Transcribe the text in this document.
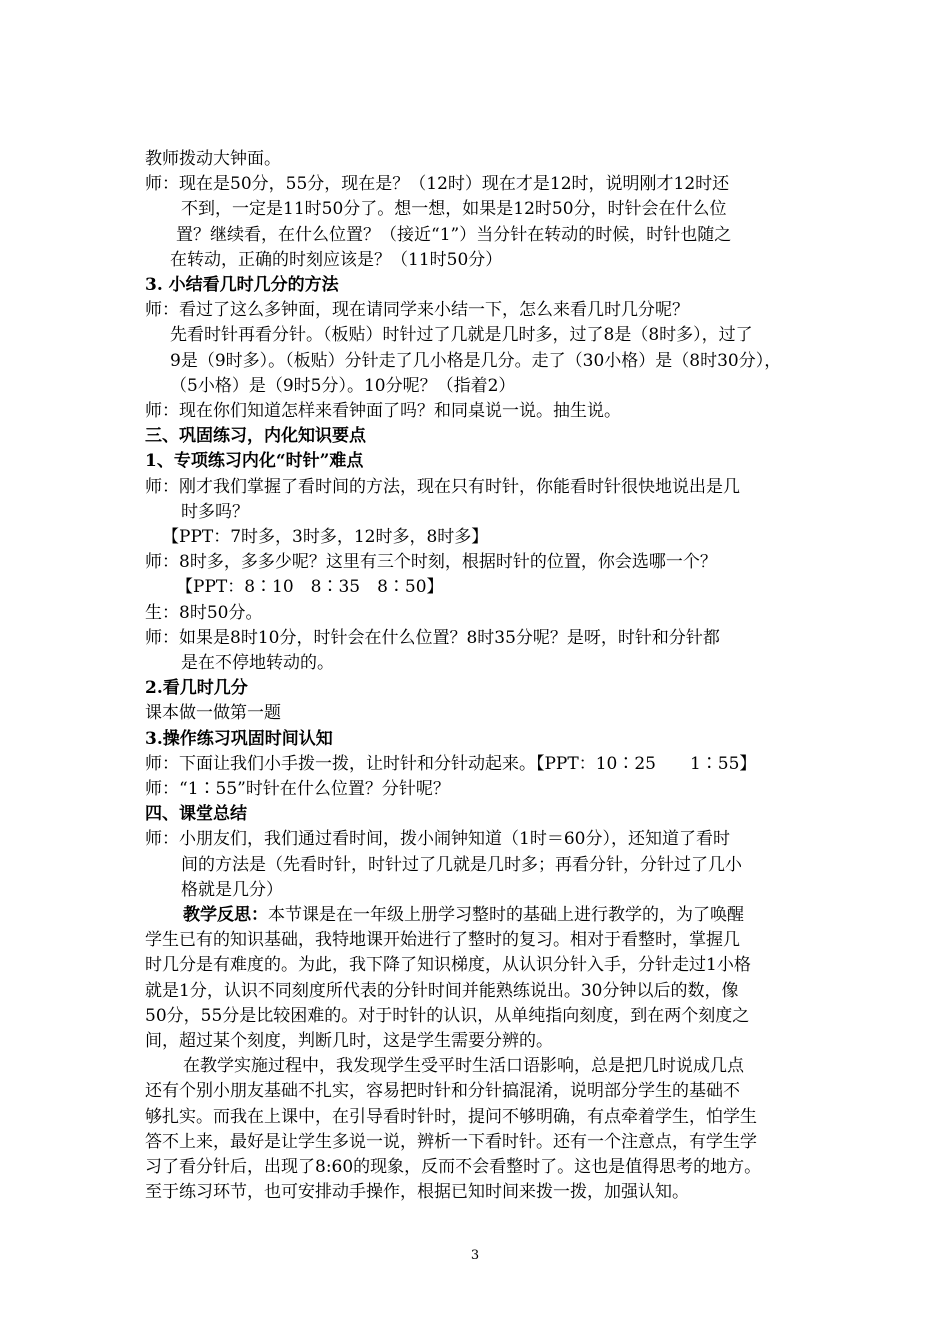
教师拨动大钟面。
师：现在是50分，55分，现在是？（12时）现在才是12时，说明刚才12时还
不到，一定是11时50分了。想一想，如果是12时50分，时针会在什么位
置？继续看，在什么位置？（接近“1”）当分针在转动的时候，时针也随之
在转动，正确的时刻应该是？（11时50分）
3. 小结看几时几分的方法
师：看过了这么多钟面，现在请同学来小结一下，怎么来看几时几分呢？
先看时针再看分针。（板贴）时针过了几就是几时多，过了8是（8时多），过了
9是（9时多）。（板贴）分针走了几小格是几分。走了（30小格）是（8时30分），
（5小格）是（9时5分）。10分呢？（指着2）
师：现在你们知道怎样来看钟面了吗？和同桌说一说。抽生说。
三、巩固练习，内化知识要点
1、专项练习内化“时针”难点
师：刚才我们掌握了看时间的方法，现在只有时针，你能看时针很快地说出是几
时多吗？
【PPT：7时多，3时多，12时多，8时多】
师：8时多，多多少呢？这里有三个时刻，根据时针的位置，你会选哪一个？
【PPT：8∶10　8∶35　8∶50】
生：8时50分。
师：如果是8时10分，时针会在什么位置？8时35分呢？是呀，时针和分针都
是在不停地转动的。
2.看几时几分
课本做一做第一题
3.操作练习巩固时间认知
师：下面让我们小手拨一拨，让时针和分针动起来。【PPT：10∶25　　1∶55】
师：“1∶55”时针在什么位置？分针呢？
四、课堂总结
师：小朋友们，我们通过看时间，拨小闹钟知道（1时＝60分），还知道了看时
间的方法是（先看时针，时针过了几就是几时多；再看分针，分针过了几小
格就是几分）
教学反思：本节课是在一年级上册学习整时的基础上进行教学的，为了唤醒
学生已有的知识基础，我特地课开始进行了整时的复习。相对于看整时，掌握几
时几分是有难度的。为此，我下降了知识梯度，从认识分针入手，分针走过1小格
就是1分，认识不同刻度所代表的分针时间并能熟练说出。30分钟以后的数，像
50分，55分是比较困难的。对于时针的认识，从单纯指向刻度，到在两个刻度之
间，超过某个刻度，判断几时，这是学生需要分辨的。
在教学实施过程中，我发现学生受平时生活口语影响，总是把几时说成几点
还有个别小朋友基础不扎实，容易把时针和分针搞混淆，说明部分学生的基础不
够扎实。而我在上课中，在引导看时针时，提问不够明确，有点牵着学生，怕学生
答不上来，最好是让学生多说一说，辨析一下看时针。还有一个注意点，有学生学
习了看分针后，出现了8:60的现象，反而不会看整时了。这也是值得思考的地方。
至于练习环节，也可安排动手操作，根据已知时间来拨一拨，加强认知。
3
